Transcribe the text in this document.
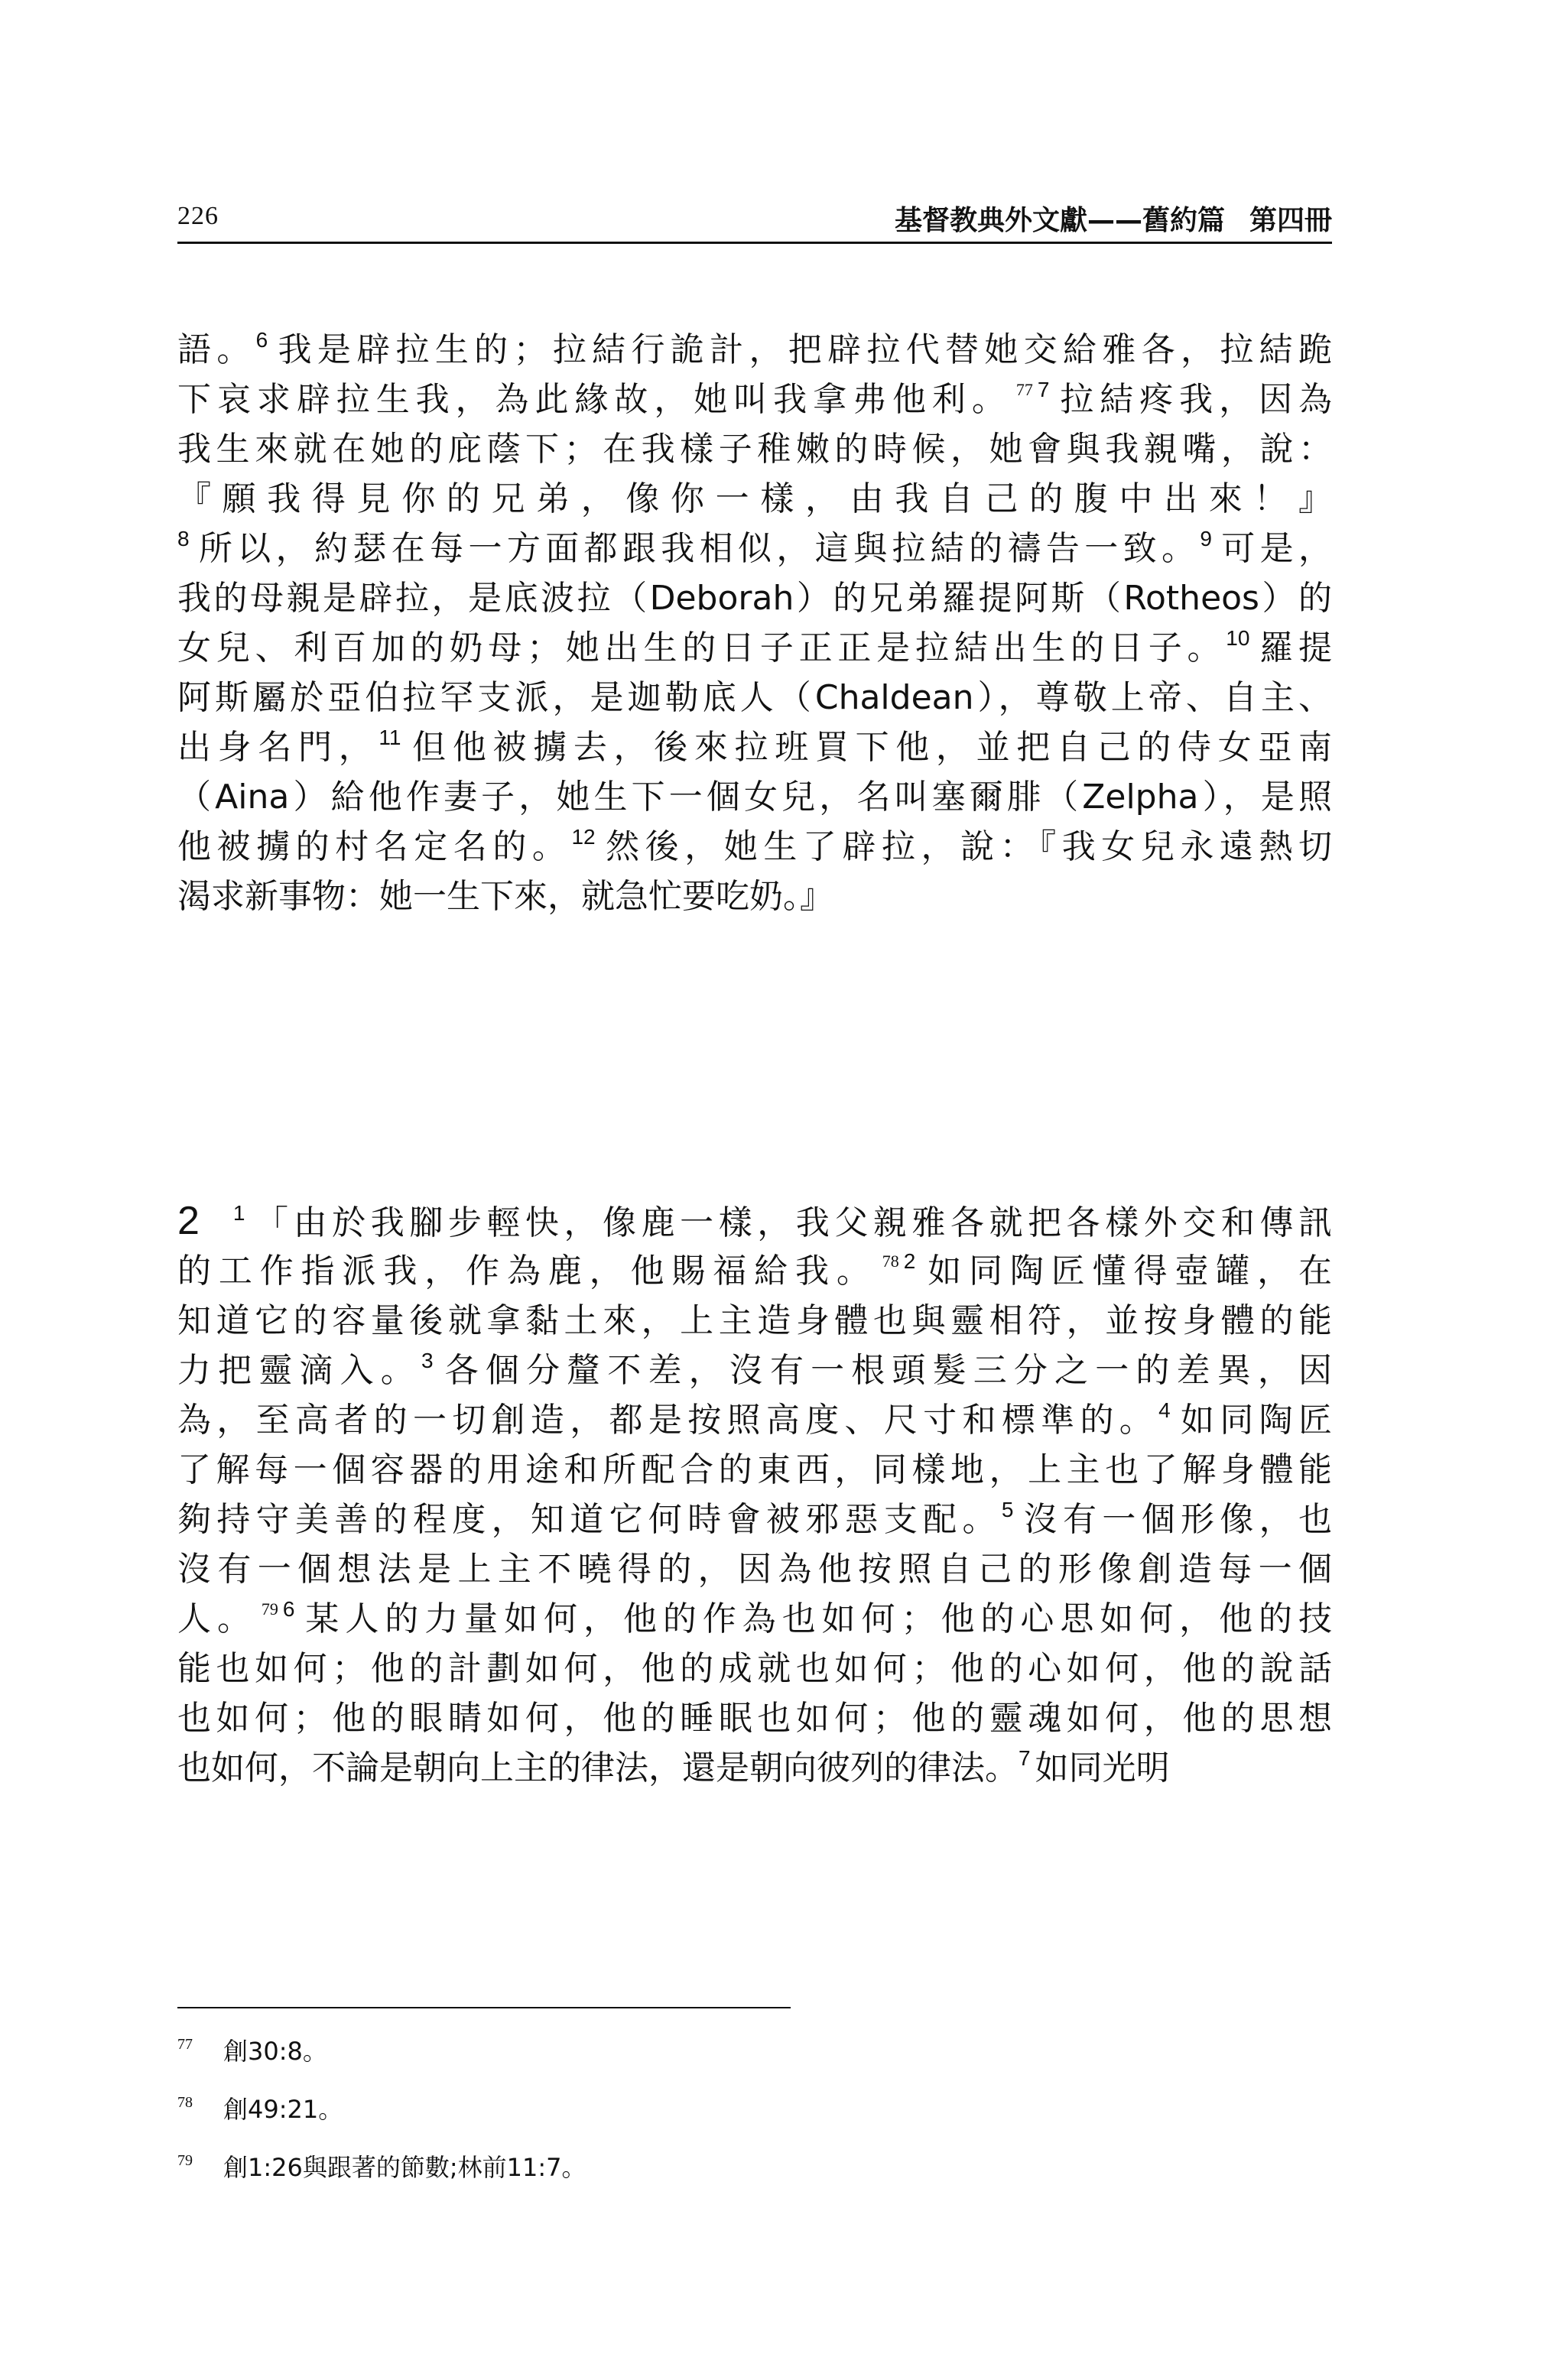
226	基督教典外文獻——舊約篇 第四冊
語。$^6$ 我是辟拉生的；拉結行詭計，把辟拉代替她交給雅各，拉結跪
下哀求辟拉生我，為此緣故，她叫我拿弗他利。 $^{77}$ $^7$ 拉結疼我，因為
我生來就在她的庇蔭下；在我樣子稚嫩的時候，她會與我親嘴，說：
『願我得見你的兄弟，像你一樣，由我自己的腹中出來！』
$^8$ 所以，約瑟在每一方面都跟我相似，這與拉結的禱告一致。$^9$ 可是，
我的母親是辟拉，是底波拉（Deborah）的兄弟羅提阿斯（Rotheos）的
女兒、利百加的奶母；她出生的日子正正是拉結出生的日子。$^{10}$ 羅提
阿斯屬於亞伯拉罕支派，是迦勒底人（Chaldean），尊敬上帝、自主、
出身名門，$^{11}$ 但他被擄去，後來拉班買下他，並把自己的侍女亞南
（Aina）給他作妻子，她生下一個女兒，名叫塞爾腓（Zelpha），是照
他被擄的村名定名的。$^{12}$ 然後，她生了辟拉，說：『我女兒永遠熱切
渴求新事物：她一生下來，就急忙要吃奶。』
2 $^1$ 「由於我腳步輕快，像鹿一樣，我父親雅各就把各樣外交和傳訊
的工作指派我，作為鹿，他賜福給我。 $^{78}$ $^2$ 如同陶匠懂得壺罐，在
知道它的容量後就拿黏土來，上主造身體也與靈相符，並按身體的能
力把靈滴入。$^3$ 各個分釐不差，沒有一根頭髮三分之一的差異，因
為，至高者的一切創造，都是按照高度、尺寸和標準的。$^4$ 如同陶匠
了解每一個容器的用途和所配合的東西，同樣地，上主也了解身體能
夠持守美善的程度，知道它何時會被邪惡支配。$^5$ 沒有一個形像，也
沒有一個想法是上主不曉得的，因為他按照自己的形像創造每一個
人。 $^{79}$ $^6$ 某人的力量如何，他的作為也如何；他的心思如何，他的技
能也如何；他的計劃如何，他的成就也如何；他的心如何，他的說話
也如何；他的眼睛如何，他的睡眠也如何；他的靈魂如何，他的思想
也如何，不論是朝向上主的律法，還是朝向彼列的律法。$^7$ 如同光明
77 創30:8。
78 創49:21。
79 創1:26與跟著的節數;林前11:7。
